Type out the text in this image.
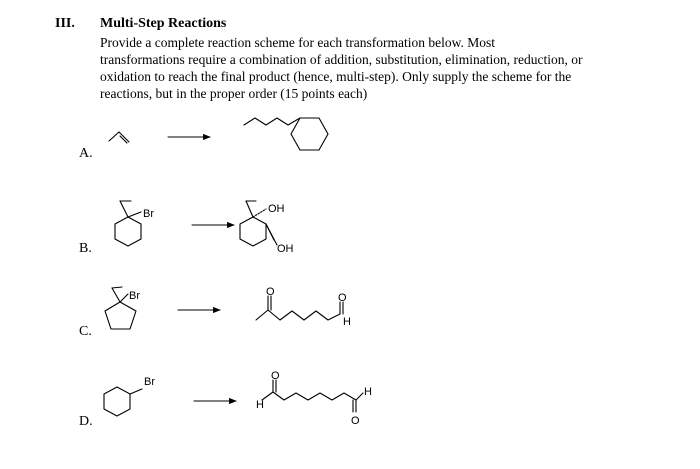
III. Multi-Step Reactions
Provide a complete reaction scheme for each transformation below. Most
transformations require a combination of addition, substitution, elimination, reduction, or
oxidation to reach the final product (hence, multi-step). Only supply the scheme for the
reactions, but in the proper order (15 points each)
A.
B.
C.
D.
Br	OH
OH
Br	O	O
H
Br	O
H
H
O
